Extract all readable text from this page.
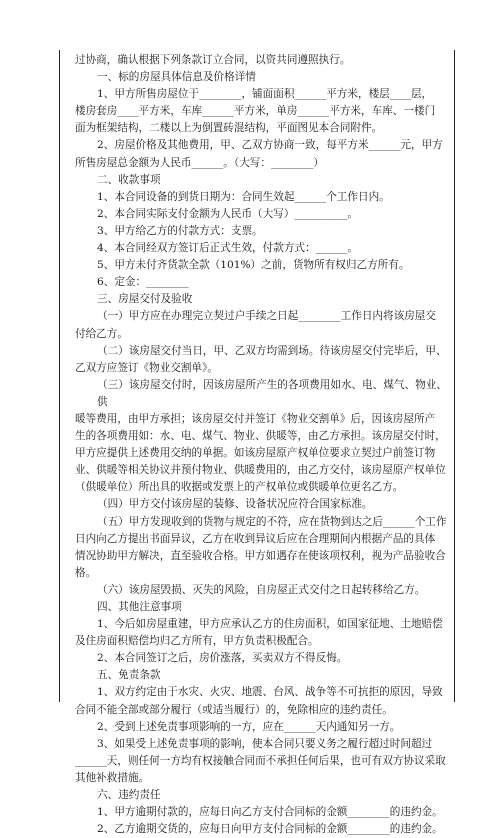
过协商，确认根据下列条款订立合同，以资共同遵照执行。
一、标的房屋具体信息及价格详情
1、甲方所售房屋位于________，铺面面积______平方米，楼层____层，
楼房套房____平方米，车库______平方米，单房______平方米，车库、一楼门
面为框架结构，二楼以上为倒置砖混结构，平面图见本合同附件。
2、房屋价格及其他费用，甲、乙双方协商一致，每平方米______元，甲方
所售房屋总金额为人民币______。（大写：________）
二、收款事项
1、本合同设备的到货日期为：合同生效起______个工作日内。
2、本合同实际支付金额为人民币（大写）__________。
3、甲方给乙方的付款方式：支票。
4、本合同经双方签订后正式生效，付款方式：______。
5、甲方未付齐货款全款（101%）之前，货物所有权归乙方所有。
6、定金：________
三、房屋交付及验收
（一）甲方应在办理完立契过户手续之日起________工作日内将该房屋交
付给乙方。
（二）该房屋交付当日，甲、乙双方均需到场。待该房屋交付完毕后，甲、
乙双方应签订《物业交割单》。
（三）该房屋交付时，因该房屋所产生的各项费用如水、电、煤气、物业、供
暖等费用，由甲方承担；该房屋交付并签订《物业交割单》后，因该房屋所产
生的各项费用如：水、电、煤气、物业、供暖等，由乙方承担。该房屋交付时，
甲方应提供上述费用交纳的单据。如该房屋原产权单位要求立契过户前签订物
业、供暖等相关协议并预付物业、供暖费用的，由乙方交付，该房屋原产权单位
（供暖单位）所出具的收据或发票上的产权单位或供暖单位更名乙方。
（四）甲方交付该房屋的装修、设备状况应符合国家标准。
（五）甲方发现收到的货物与规定的不符，应在货物到达之后______个工作
日内向乙方提出书面异议，乙方在收到异议后应在合理期间内根据产品的具体
情况协助甲方解决，直至验收合格。甲方如遇存在使该项权利，视为产品验收合
格。
（六）该房屋毁损、灭失的风险，自房屋正式交付之日起转移给乙方。
四、其他注意事项
1、今后如房屋重建，甲方应承认乙方的住房面积，如国家征地、土地赔偿
及住房面积赔偿均归乙方所有，甲方负责积极配合。
2、本合同签订之后，房价涨落，买卖双方不得反悔。
五、免责条款
1、双方约定由于水灾、火灾、地震、台风、战争等不可抗拒的原因，导致
合同不能全部或部分履行（或适当履行）的，免除相应的违约责任。
2、受到上述免责事项影响的一方，应在______天内通知另一方。
3、如果受上述免责事项的影响，使本合同只要义务之履行超过时间超过
______天，则任何一方均有权接触合同而不承担任何后果，也可有双方协议采取
其他补救措施。
六、违约责任
1、甲方逾期付款的，应每日向乙方支付合同标的金额________的违约金。
2、乙方逾期交货的，应每日向甲方支付合同标的金额________的违约金。
